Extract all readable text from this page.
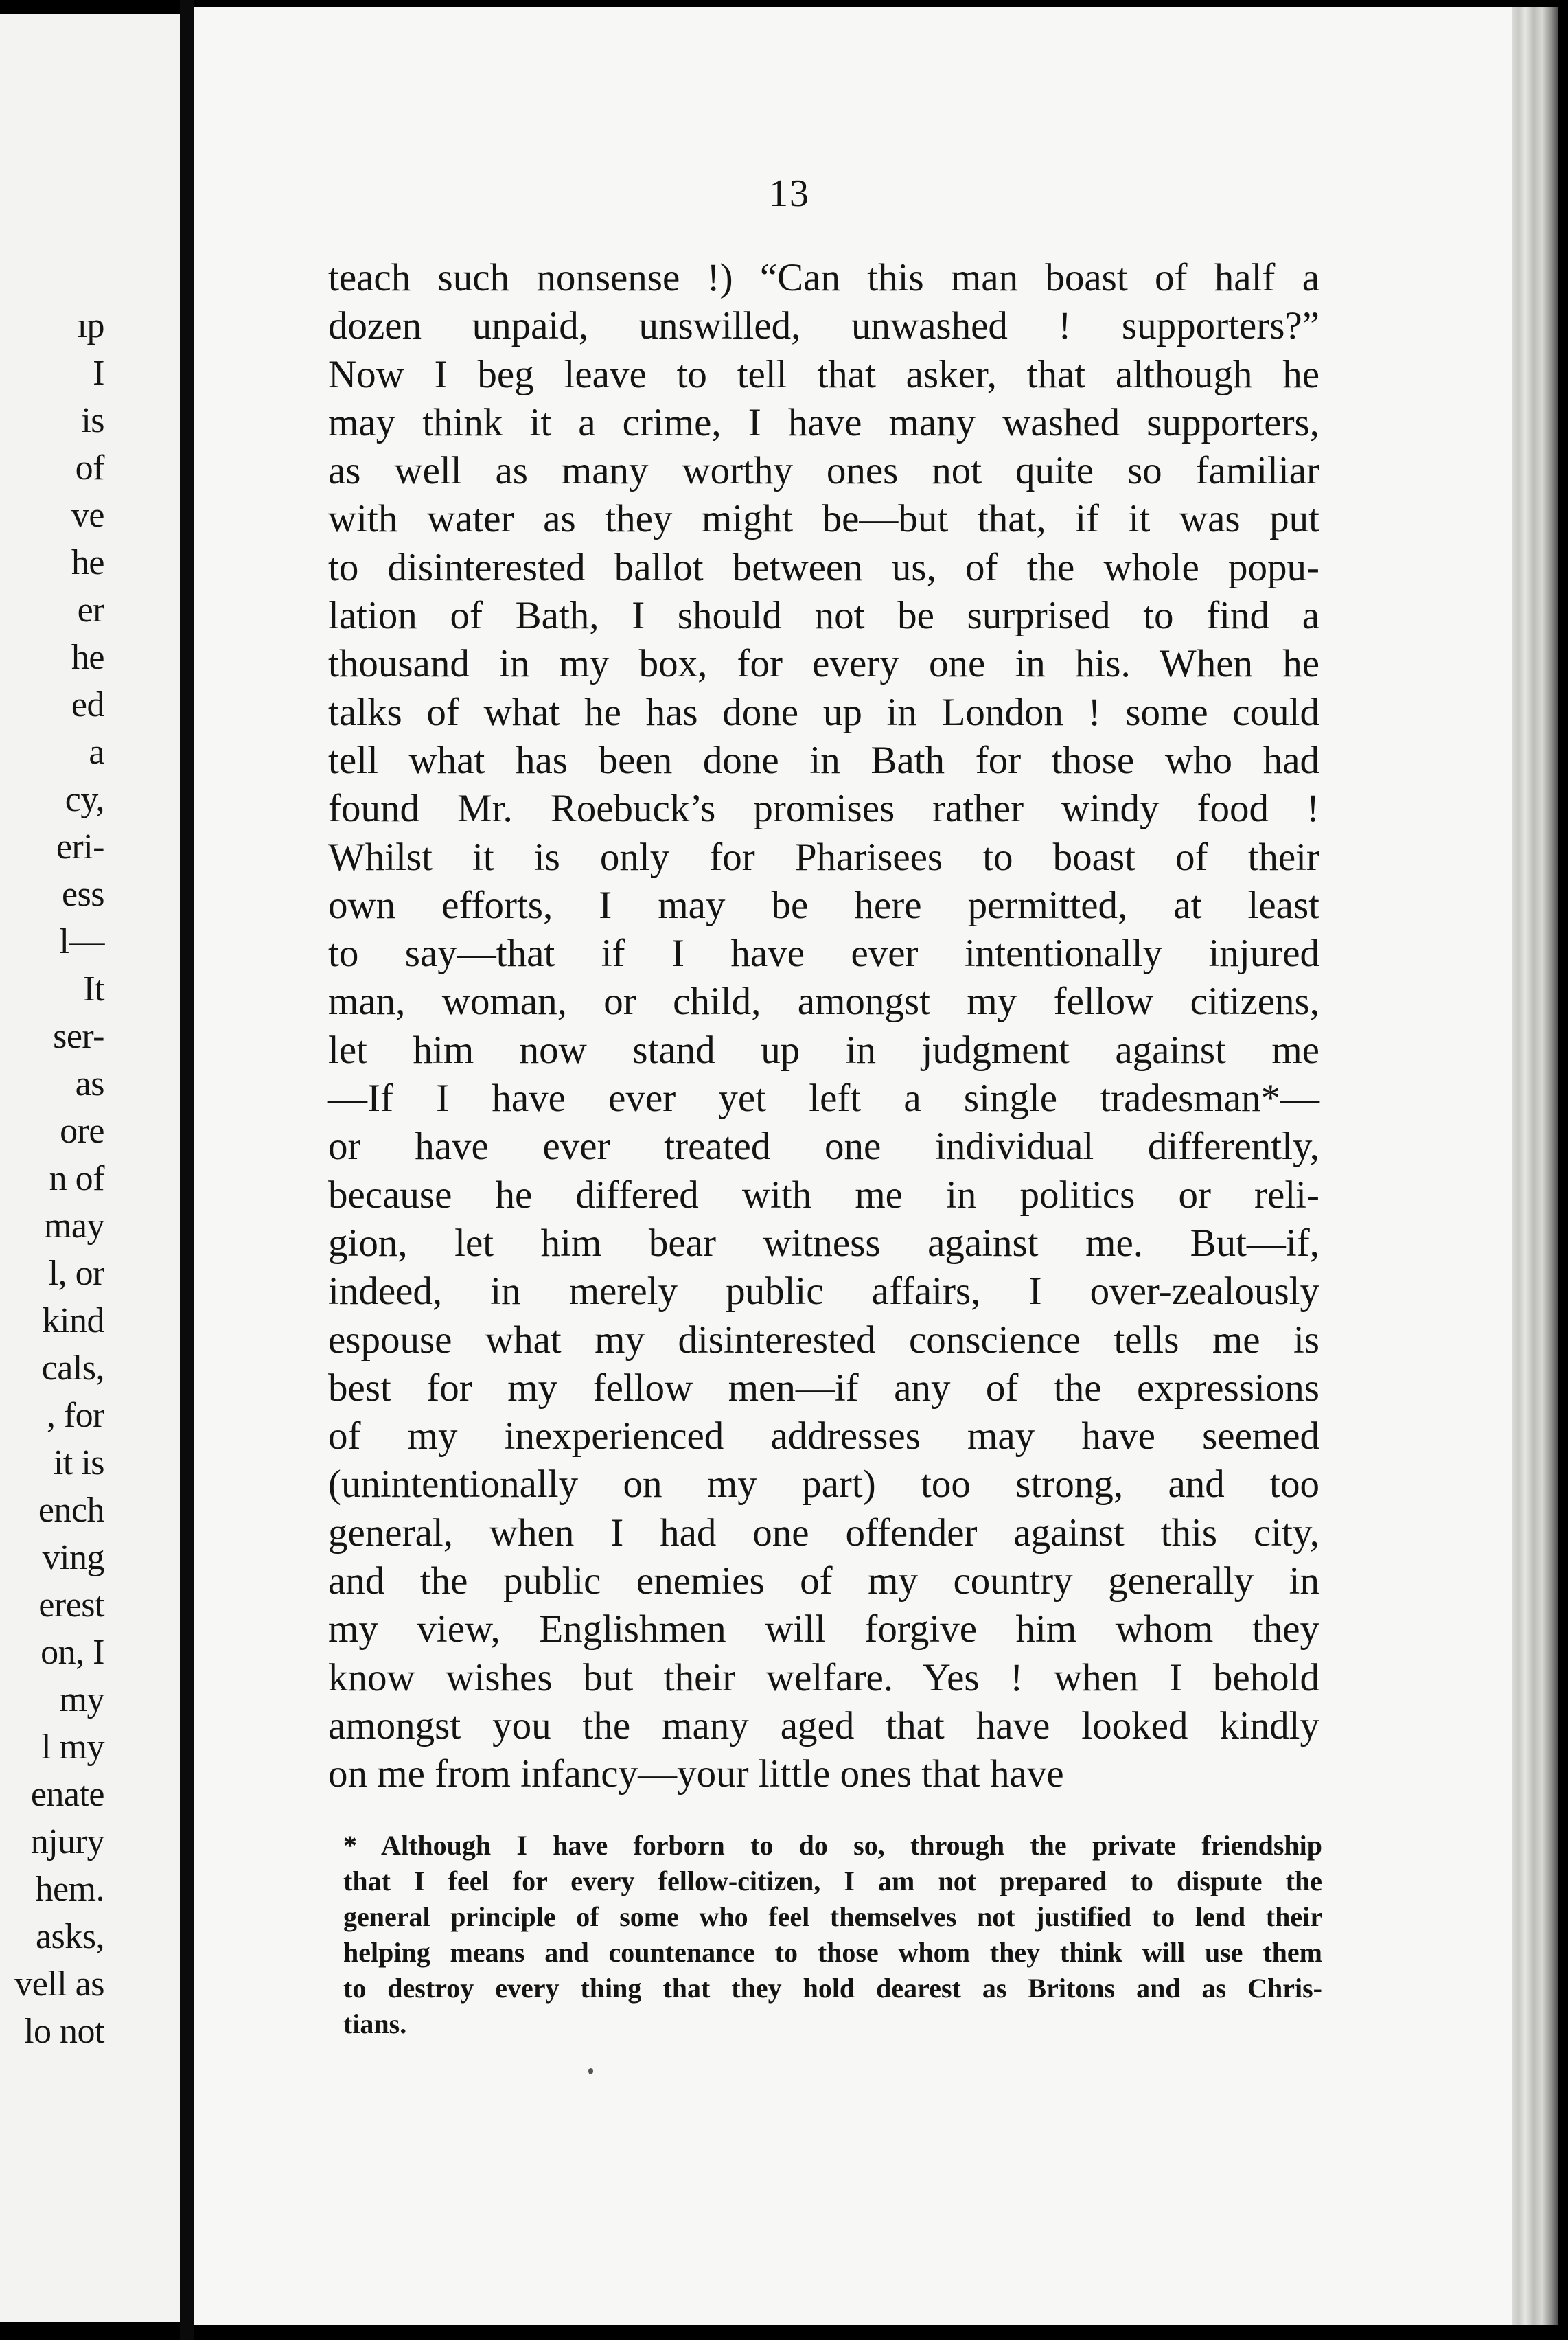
ıp
I
is
of
ve
he
er
he
ed
a
cy,
eri-
ess
l—
It
ser-
as
ore
n of
may
l, or
kind
cals,
, for
it is
ench
ving
erest
on, I
my
l my
enate
njury
hem.
asks,
vell as
lo not
13
teach such nonsense !) “Can this man boast of half a
dozen unpaid, unswilled, unwashed ! supporters?”
Now I beg leave to tell that asker, that although he
may think it a crime, I have many washed supporters,
as well as many worthy ones not quite so familiar
with water as they might be—but that, if it was put
to disinterested ballot between us, of the whole popu-
lation of Bath, I should not be surprised to find a
thousand in my box, for every one in his. When he
talks of what he has done up in London ! some could
tell what has been done in Bath for those who had
found Mr. Roebuck’s promises rather windy food !
Whilst it is only for Pharisees to boast of their
own efforts, I may be here permitted, at least
to say—that if I have ever intentionally injured
man, woman, or child, amongst my fellow citizens,
let him now stand up in judgment against me
—If I have ever yet left a single tradesman*—
or have ever treated one individual differently,
because he differed with me in politics or reli-
gion, let him bear witness against me. But—if,
indeed, in merely public affairs, I over-zealously
espouse what my disinterested conscience tells me is
best for my fellow men—if any of the expressions
of my inexperienced addresses may have seemed
(unintentionally on my part) too strong, and too
general, when I had one offender against this city,
and the public enemies of my country generally in
my view, Englishmen will forgive him whom they
know wishes but their welfare. Yes ! when I behold
amongst you the many aged that have looked kindly
on me from infancy—your little ones that have
* Although I have forborn to do so, through the private friendship
that I feel for every fellow-citizen, I am not prepared to dispute the
general principle of some who feel themselves not justified to lend their
helping means and countenance to those whom they think will use them
to destroy every thing that they hold dearest as Britons and as Chris-
tians.
